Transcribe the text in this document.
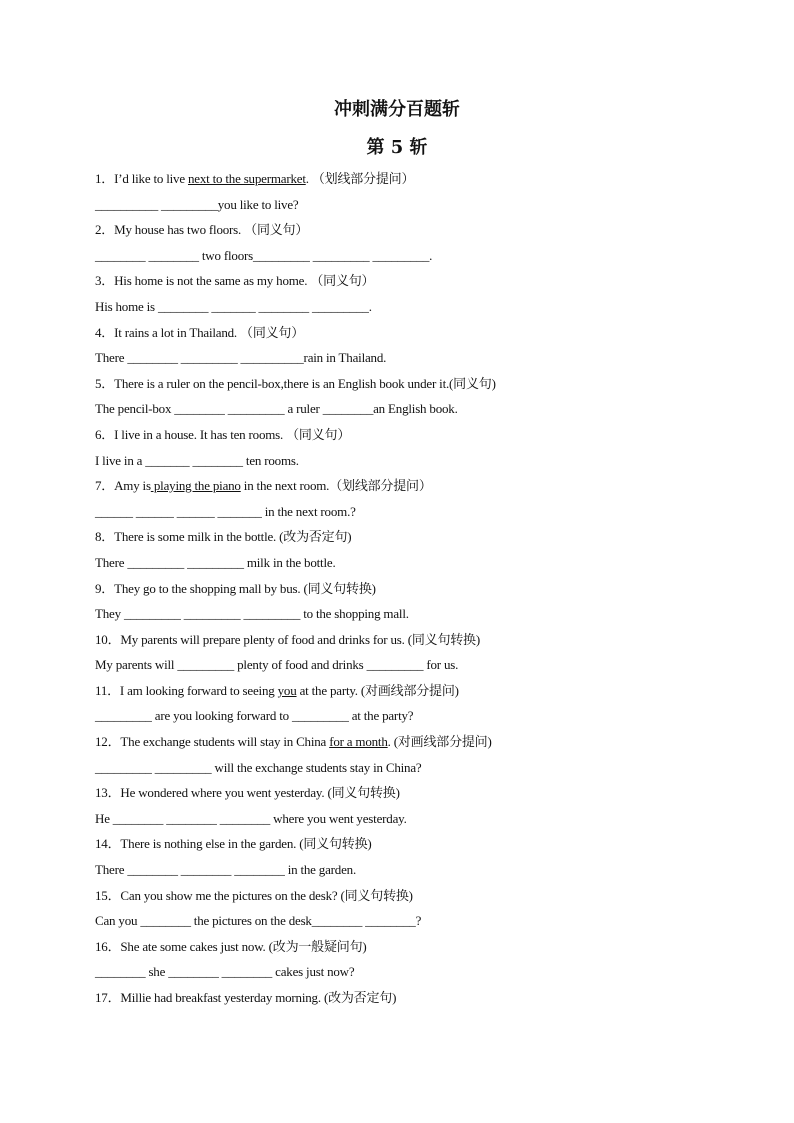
冲刺满分百题斩
第 5 斩
1．I’d like to live next to the supermarket. （划线部分提问）
__________ _________you like to live?
2．My house has two floors. （同义句）
________ ________ two floors_________ _________ _________.
3．His home is not the same as my home. （同义句）
His home is ________ _______ ________ _________.
4．It rains a lot in Thailand. （同义句）
There ________ _________ __________rain in Thailand.
5．There is a ruler on the pencil-box,there is an English book under it.(同义句)
The pencil-box ________ _________ a ruler ________an English book.
6．I live in a house. It has ten rooms. （同义句）
I live in a _______ ________ ten rooms.
7．Amy is playing the piano in the next room.（划线部分提问）
______ ______ ______ _______ in the next room.?
8．There is some milk in the bottle. (改为否定句)
There _________ _________ milk in the bottle.
9．They go to the shopping mall by bus. (同义句转换)
They _________ _________ _________ to the shopping mall.
10．My parents will prepare plenty of food and drinks for us. (同义句转换)
My parents will _________ plenty of food and drinks _________ for us.
11．I am looking forward to seeing you at the party. (对画线部分提问)
_________ are you looking forward to _________ at the party?
12．The exchange students will stay in China for a month. (对画线部分提问)
_________ _________ will the exchange students stay in China?
13．He wondered where you went yesterday. (同义句转换)
He ________ ________ ________ where you went yesterday.
14．There is nothing else in the garden. (同义句转换)
There ________ ________ ________ in the garden.
15．Can you show me the pictures on the desk? (同义句转换)
Can you ________ the pictures on the desk________ ________?
16．She ate some cakes just now. (改为一般疑问句)
________ she ________ ________ cakes just now?
17．Millie had breakfast yesterday morning. (改为否定句)
